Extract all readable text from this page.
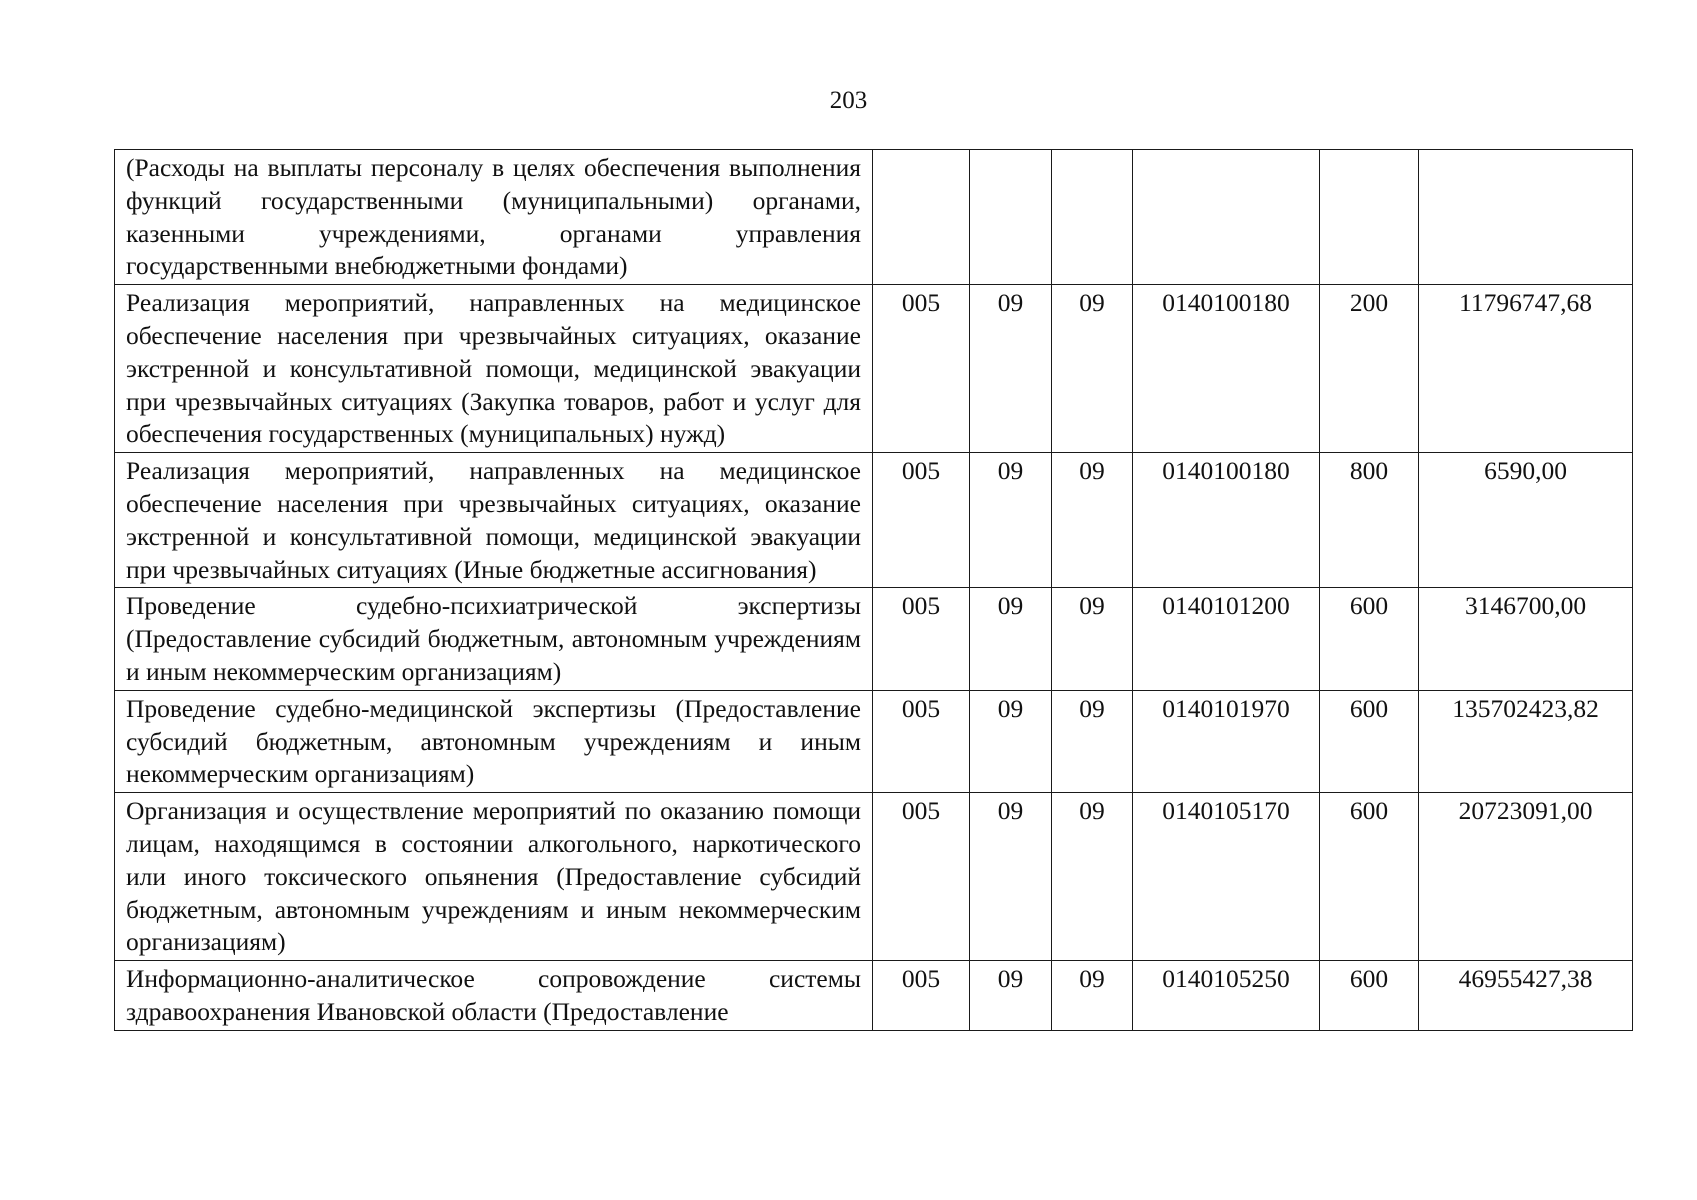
203
(Расходы на выплаты персоналу в целях обеспечения выполнения функций государственными (муниципальными) органами, казенными учреждениями, органами управления государственными внебюджетными фондами)						
Реализация мероприятий, направленных на медицинское обеспечение населения при чрезвычайных ситуациях, оказание экстренной и консультативной помощи, медицинской эвакуации при чрезвычайных ситуациях (Закупка товаров, работ и услуг для обеспечения государственных (муниципальных) нужд)	005	09	09	0140100180	200	11796747,68
Реализация мероприятий, направленных на медицинское обеспечение населения при чрезвычайных ситуациях, оказание экстренной и консультативной помощи, медицинской эвакуации при чрезвычайных ситуациях (Иные бюджетные ассигнования)	005	09	09	0140100180	800	6590,00
Проведение судебно-психиатрической экспертизы (Предоставление субсидий бюджетным, автономным учреждениям и иным некоммерческим организациям)	005	09	09	0140101200	600	3146700,00
Проведение судебно-медицинской экспертизы (Предоставление субсидий бюджетным, автономным учреждениям и иным некоммерческим организациям)	005	09	09	0140101970	600	135702423,82
Организация и осуществление мероприятий по оказанию помощи лицам, находящимся в состоянии алкогольного, наркотического или иного токсического опьянения (Предоставление субсидий бюджетным, автономным учреждениям и иным некоммерческим организациям)	005	09	09	0140105170	600	20723091,00
Информационно-аналитическое сопровождение системы здравоохранения Ивановской области (Предоставление	005	09	09	0140105250	600	46955427,38
